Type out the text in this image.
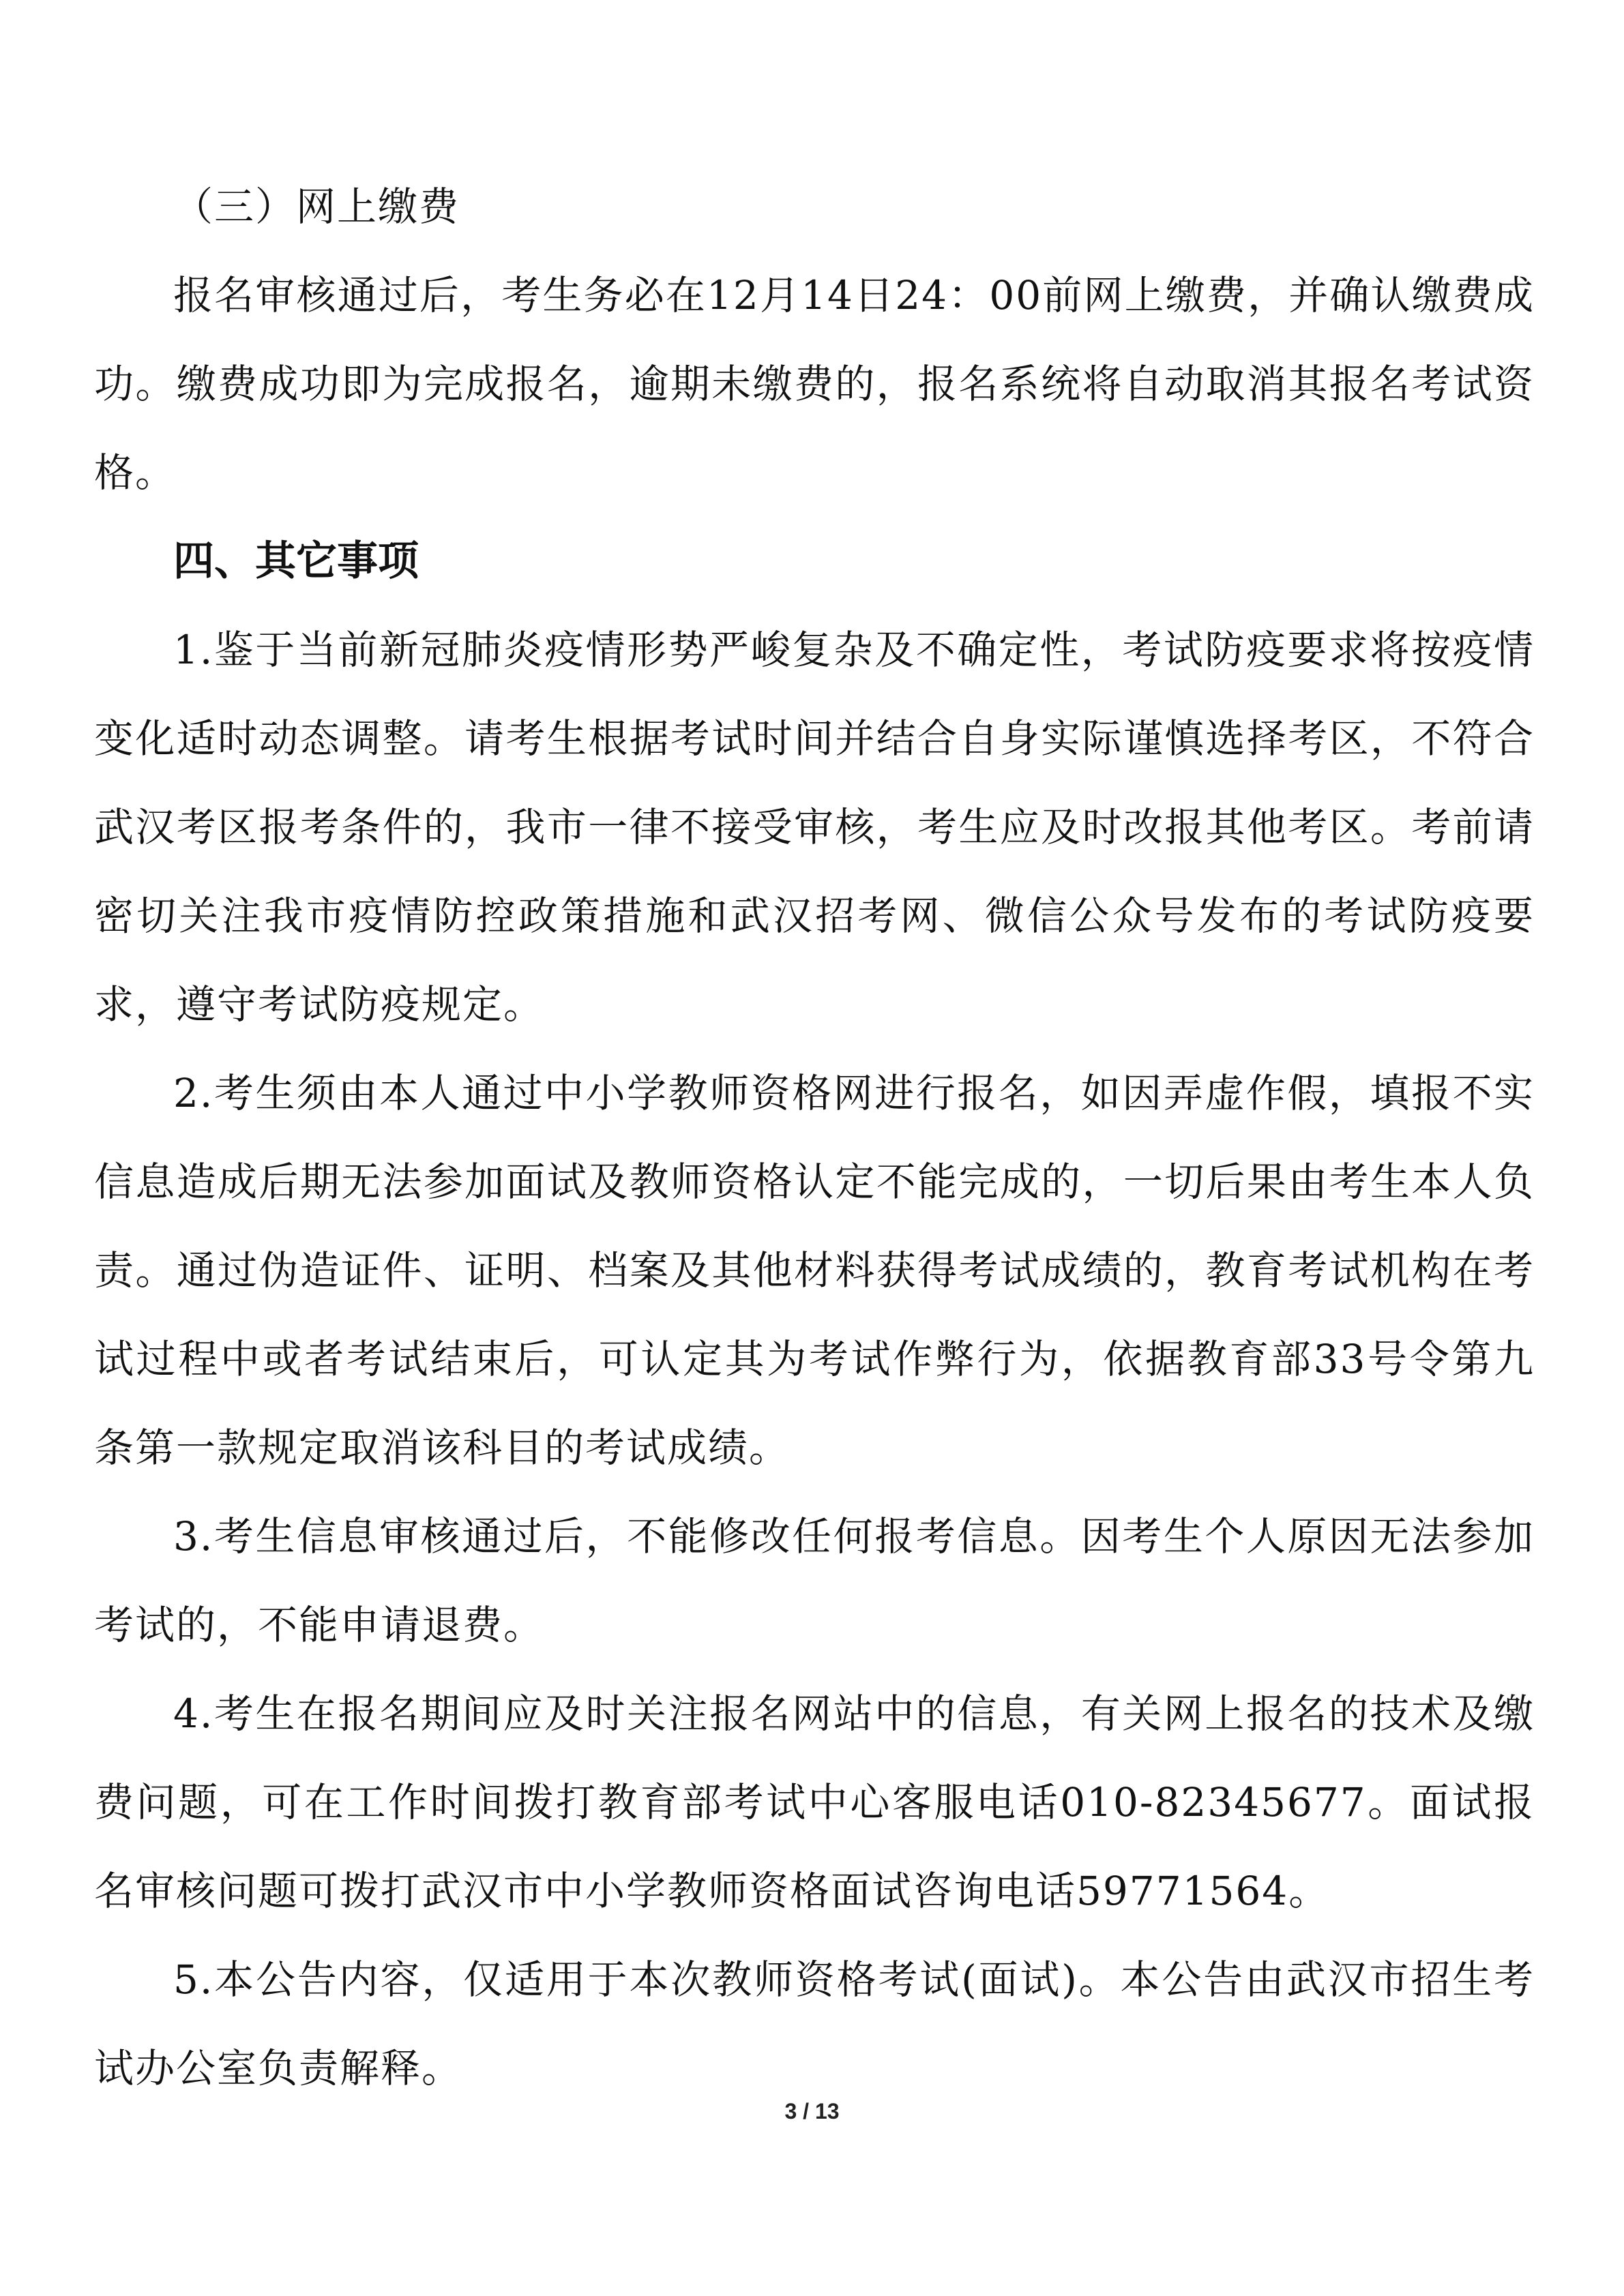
（三）网上缴费

报名审核通过后，考生务必在12月14日24：00前网上缴费，并确认缴费成功。缴费成功即为完成报名，逾期未缴费的，报名系统将自动取消其报名考试资格。

四、其它事项

1.鉴于当前新冠肺炎疫情形势严峻复杂及不确定性，考试防疫要求将按疫情变化适时动态调整。请考生根据考试时间并结合自身实际谨慎选择考区，不符合武汉考区报考条件的，我市一律不接受审核，考生应及时改报其他考区。考前请密切关注我市疫情防控政策措施和武汉招考网、微信公众号发布的考试防疫要求，遵守考试防疫规定。

2.考生须由本人通过中小学教师资格网进行报名，如因弄虚作假，填报不实信息造成后期无法参加面试及教师资格认定不能完成的，一切后果由考生本人负责。通过伪造证件、证明、档案及其他材料获得考试成绩的，教育考试机构在考试过程中或者考试结束后，可认定其为考试作弊行为，依据教育部33号令第九条第一款规定取消该科目的考试成绩。

3.考生信息审核通过后，不能修改任何报考信息。因考生个人原因无法参加考试的，不能申请退费。

4.考生在报名期间应及时关注报名网站中的信息，有关网上报名的技术及缴费问题，可在工作时间拨打教育部考试中心客服电话010-82345677。面试报名审核问题可拨打武汉市中小学教师资格面试咨询电话59771564。

5.本公告内容，仅适用于本次教师资格考试(面试)。本公告由武汉市招生考试办公室负责解释。

3 / 13
